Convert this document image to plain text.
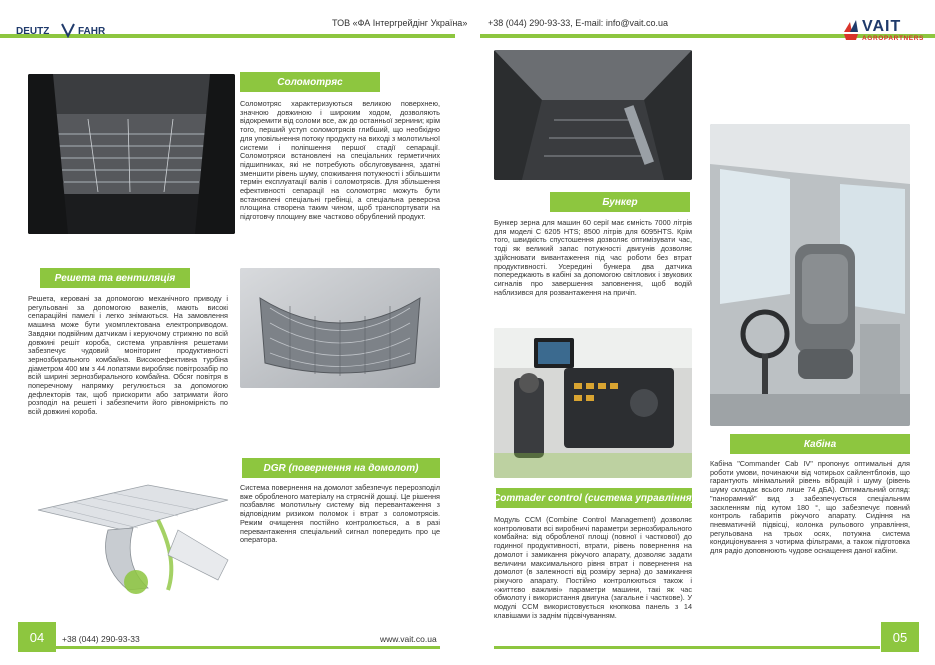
DEUTZ	FAHR
ТОВ «ФА Інтергрейдінг Україна» +38 (044) 290-93-33, E-mail: info@vait.co.ua	VAIT
AGROPARTNERS
Соломотряс
Соломотряс характеризуються великою поверхнею, значною довжиною і широким ходом, дозволяють відокремити від соломи все, аж до останньої зернини; крім того, перший уступ соломотрясів глибший, що необхідно для уповільнення потоку продукту на виході з молотильної системи і поліпшення першої стадії сепарації. Соломотряси встановлені на спеціальних герметичних підшипниках, які не потребують обслуговування, здатні зменшити рівень шуму, споживання потужності і збільшити термін експлуатації валів і соломотрясів. Для збільшення ефективності сепарації на соломотряс можуть бути встановлені спеціальні гребінці, а спеціальна реверсна площина створена таким чином, щоб транспортувати на підготовчу площину вже частково обрублений продукт.
Решета та вентиляція
Решета, керовані за допомогою механічного приводу і регульовані за допомогою важелів, мають високі сепараційні памелі і легко знімаються. На замовлення машина може бути укомплектована електроприводом. Завдяки подвійним датчикам і керуючому стрижню по всій довжині решіт короба, система управління решетами забезпечує чудовий моніторинг продуктивності зернозбирального комбайна. Високоефективна турбіна діаметром 400 мм з 44 лопатями виробляє повітрозабір по всій ширині зернозбирального комбайна. Обсяг повітря в поперечному напрямку регулюється за допомогою дефлекторів так, щоб прискорити або затримати його розподіл на решеті і забезпечити його рівномірність по всій довжині короба.
DGR (повернення на домолот)
Система повернення на домолот забезпечує перерозподіл вже обробленого матеріалу на стрясній дошці. Це рішення позбавляє молотильну систему від перевантаження з відповідним ризиком поломок і втрат з соломотрясів. Режим очищення постійно контролюється, а в разі перевантаження спеціальний сигнал попередить про це оператора.
Бункер
Бункер зерна для машин 60 серії має ємність 7000 літрів для моделі С 6205 HTS; 8500 літрів для 6095HTS. Крім того, швидкість спустошення дозволяє оптимізувати час, тоді як великий запас потужності двигунів дозволяє здійснювати вивантаження під час роботи без втрат продуктивності. Усередині бункера два датчика попереджають в кабіні за допомогою світлових і звукових сигналів про завершення заповнення, щоб водій наблизився для розвантаження на причіп.
Commader control (система управління)
Модуль ССМ (Combine Control Management) дозволяє контролювати всі виробничі параметри зернозбирального комбайна: від обробленої площі (повної і часткової) до годинної продуктивності, втрати, рівень повернення на домолот і замикання ріжучого апарату, дозволяє задати величини максимального рівня втрат і повернення на домолот (в залежності від розміру зерна) до замикання ріжучого апарату. Постійно контролюються також і «життєво важливі» параметри машини, такі як час обмолоту і використання двигуна (загальне і часткове). У модулі ССМ використовується кнопкова панель з 14 клавішами із заднім підсвічуванням.
Кабіна
Кабіна "Commander Cab IV" пропонує оптимальні для роботи умови, починаючи від чотирьох сайлентблоків, що гарантують мінімальний рівень вібрацій і шуму (рівень шуму складає всього лише 74 дБА). Оптимальний огляд: "панорамний" вид з забезпечується спеціальним заскленням під кутом 180 °, що забезпечує повний контроль габаритів ріжучого апарату. Сидіння на пневматичній підвісці, колонка рульового управління, регульована на трьох осях, потужна система кондиціонування з чотирма фільтрами, а також підготовка для радіо доповнюють чудове оснащення даної кабіни.
04	+38 (044) 290-93-33	www.vait.co.ua	05
